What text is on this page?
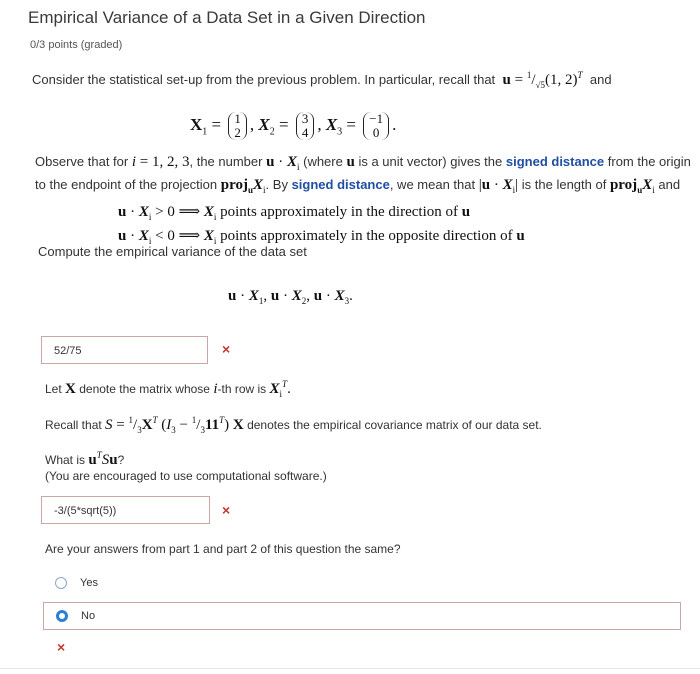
Empirical Variance of a Data Set in a Given Direction
0/3 points (graded)
Consider the statistical set-up from the previous problem. In particular, recall that $u = ^1/_{√5}(1$, 2)$^T$ and
$X_1 = 1$
2 , $X_2 = 3$
4 , $X_3 = -1$
0 .
Observe that for i = 1, 2, 3, the number $u \cdot X_i$ (where u is a unit vector) gives the signed distance from the origin to the endpoint of the projection $proj_uX_i$. By signed distance, we mean that $|u \cdot X_i|$ is the length of $proj_uX_i$ and
$u \cdot X_i > 0$ ⟹ $X_i$ points approximately in the direction of u
$u \cdot X_i < 0$ ⟹ $X_i$ points approximately in the opposite direction of u
Compute the empirical variance of the data set
$u \cdot X_1$, $u \cdot X_2$, $u \cdot X_3$.
52/75	×
Let X denote the matrix whose i-th row is $X_i^T$.
Recall that $S = ^1/_3X^T$ $(I_3 - ^1/_311^T)$ X denotes the empirical covariance matrix of our data set.
What is $u^TSu$?
(You are encouraged to use computational software.)
-3/(5*sqrt(5))	×
Are your answers from part 1 and part 2 of this question the same?
Yes
No
×
